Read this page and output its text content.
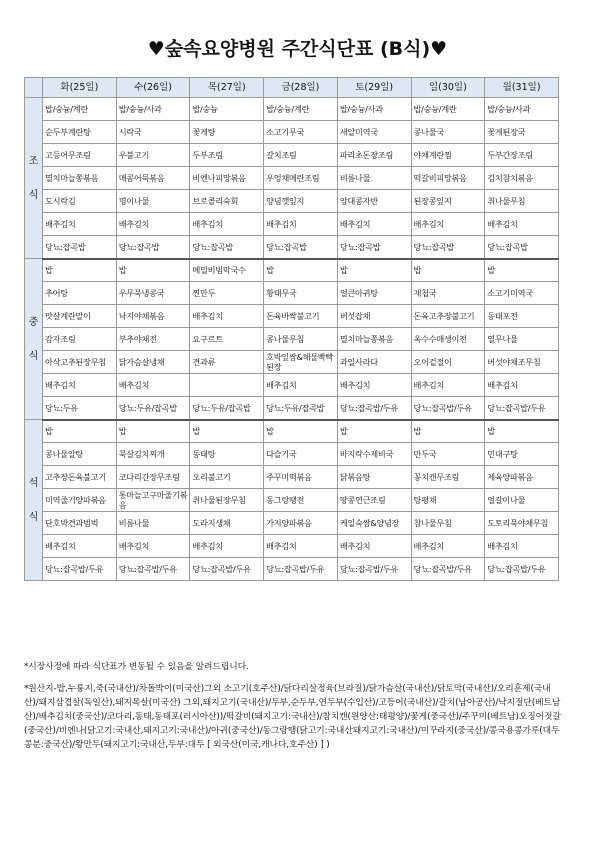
♥숲속요양병원 주간식단표 (B식)♥
	화(25일)	수(26일)	목(27일)	금(28일)	토(29일)	일(30일)	월(31일)
조

식	밥/숭늉/계란	밥/숭늉/사과	밥/숭늉	밥/숭늉/계란	밥/숭늉/사과	밥/숭늉/계란	밥/숭늉/사과
	순두부계란탕	시락국	꽃게탕	소고기무국	새알미역국	콩나물국	꽃게된장국
	고등어무조림	우불고기	두부조림	갈치조림	파리초돈장조림	야채계란찜	두부간장조림
	멸치마늘쫑볶음	매콤어묵볶음	비엔나피망볶음	우엉채메란조림	비름나물	떡갈비피망볶음	김치참치볶음
	도시락김	명이나물	브로콜리숙회	양념깻잎지	앙대콩자반	된장콩잎지	취나물무침
	배추김치	배추김치	배추김치	배추김치	배추김치	배추김치	배추김치
	당뇨:잡곡밥	당뇨:잡곡밥	당뇨:잡곡밥	당뇨:잡곡밥	당뇨:잡곡밥	당뇨:잡곡밥	당뇨:잡곡밥
중

식	밥	밥	메밀비빔막국수	밥	밥	밥	밥
	추어탕	우무묵냉콩국	찐만두	황태무국	얼큰아귀탕	재첩국	소고기미역국
	맛살계란말이	낙지야채볶음	배추김치	돈육바싹불고기	버섯잡채	돈육고추장불고기	동태포전
	감자조림	부추야채전	요구르트	콩나물무침	멸치마늘쫑볶음	옥수수매생이전	열무나물
	아삭고추된장무침	닭가슴살냉채	견과류	호박잎쌈&해물빡빡된장	과일사라다	오이겉절이	버섯야채조무침
	배추김치	배추김치		배추김치	배추김치	배추김치	배추김치
	당뇨:두유	당뇨:두유/잡곡밥	당뇨:두유/잡곡밥	당뇨:두유/잡곡밥	당뇨:잡곡밥/두유	당뇨:잡곡밥/두유	당뇨:잡곡밥/두유
석

식	밥	밥	밥	밥	밥	밥	밥
	콩나물알탕	묵살김치찌개	동태탕	다슬기국	바지락수제비국	만두국	민대구탕
	고추장돈육불고기	코다리간장무조림	오리불고기	주꾸미떡볶음	닭볶음탕	꽁치캔무조림	제육양파볶음
	미역줄기양파볶음	통마늘고구마줄기볶음	취나물된장무침	동그랑땡전	땅콩연근조림	탕평채	얼갈이나물
	단호박견과범벅	비름나물	도라지생채	가지양파볶음	케일숙쌈&양념장	참나물무침	도토리묵야채무침
	배추김치	배추김치	배추김치	배추김치	배추김치	배추김치	배추김치
	당뇨:잡곡밥/두유	당뇨:잡곡밥/두유	당뇨:잡곡밥/두유	당뇨:잡곡밥/두유	당뇨:잡곡밥/두유	당뇨:잡곡밥/두유	당뇨:잡곡밥/두유
*시장사정에 따라 식단표가 변동될 수 있음을 알려드립니다.
*원산지-밥,누룽지,죽(국내산)/차돌박이(미국산)그외 소고기(호주산)/닭다리살정육(브라질)/닭가슴살(국내산)/닭토막(국내산)/오리훈제(국내산)/돼지삼겹살(독일산),돼지목살(미국산) 그외,돼지고기(국내산)/두부,순두부,연두부(수입산)/고등어(국내산)/갈치(남아공산)/낙지절단(베트남산)/배추김치(중국산)/코다리,동태,동태포(러시아산))/떡갈비(돼지고기:국내산)/참치캔(원양산:태평양)/꽃게(중국산)/주꾸미(베트남)오징어젓갈(중국산)/비엔나(닭고기:국내산,돼지고기:국내산)/아귀(중국산)/동그랑땡(닭고기:국내산돼지고기:국내산)/미꾸라지(중국산)/콩국용콩가루(대두콩분:중국산)/왕만두(돼지고기:국내산,두부:대두 [ 외국산(미국,캐나다,호주산) ] )
